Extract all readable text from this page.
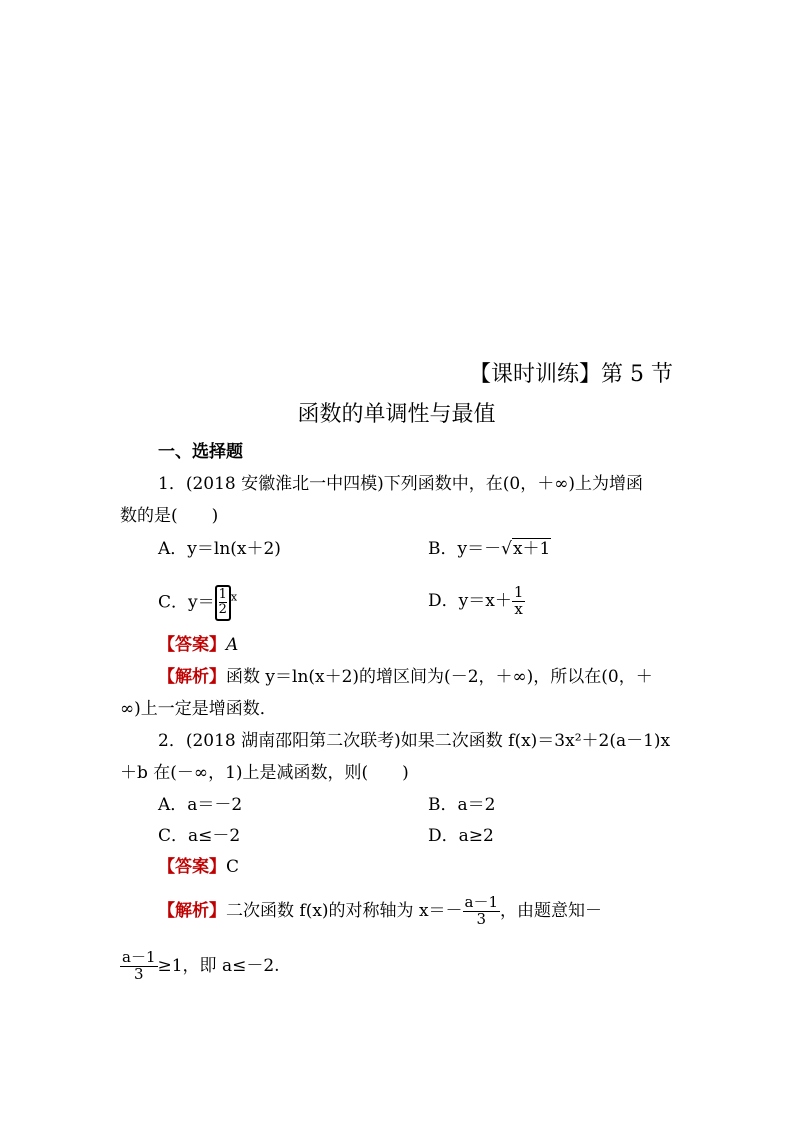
【课时训练】第 5 节
函数的单调性与最值
一、选择题
1．(2018 安徽淮北一中四模)下列函数中，在(0，＋∞)上为增函
数的是(　　)
A．y＝ln(x＋2)	B．y＝－√x＋1
C．$y= \frac{1}{2} ^x$	D．$y=x+ \frac{1}{x}$
【答案】A
【解析】函数 y＝ln(x＋2)的增区间为(－2，＋∞)，所以在(0，＋
∞)上一定是增函数．
2．(2018 湖南邵阳第二次联考)如果二次函数 f(x)＝3x²＋2(a－1)x
＋b 在(－∞，1)上是减函数，则(　　)
A．a＝－2	B．a＝2
C．a≤－2	D．a≥2
【答案】C
【解析】二次函数 f(x)的对称轴为 $x=- \frac{a-1}{3}$ ，由题意知－
$\frac{a-1}{3} \ge 1$，即 a≤－2.
